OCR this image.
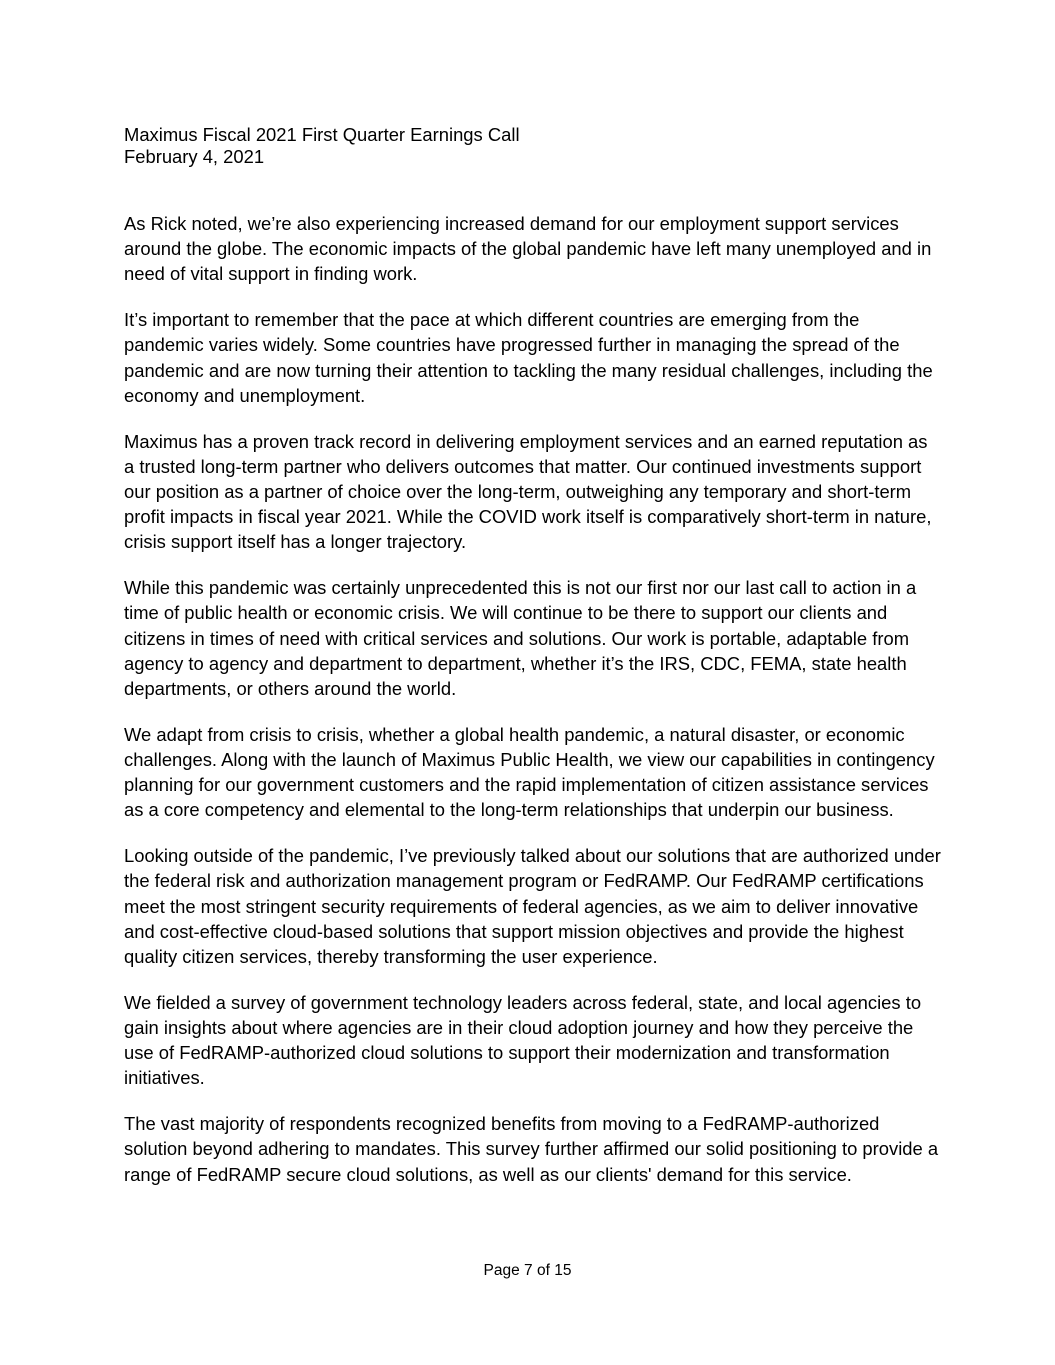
Maximus Fiscal 2021 First Quarter Earnings Call
February 4, 2021

As Rick noted, we’re also experiencing increased demand for our employment support services around the globe. The economic impacts of the global pandemic have left many unemployed and in need of vital support in finding work.

It’s important to remember that the pace at which different countries are emerging from the pandemic varies widely. Some countries have progressed further in managing the spread of the pandemic and are now turning their attention to tackling the many residual challenges, including the economy and unemployment.

Maximus has a proven track record in delivering employment services and an earned reputation as a trusted long-term partner who delivers outcomes that matter. Our continued investments support our position as a partner of choice over the long-term, outweighing any temporary and short-term profit impacts in fiscal year 2021. While the COVID work itself is comparatively short-term in nature, crisis support itself has a longer trajectory.

While this pandemic was certainly unprecedented this is not our first nor our last call to action in a time of public health or economic crisis. We will continue to be there to support our clients and citizens in times of need with critical services and solutions. Our work is portable, adaptable from agency to agency and department to department, whether it’s the IRS, CDC, FEMA, state health departments, or others around the world.

We adapt from crisis to crisis, whether a global health pandemic, a natural disaster, or economic challenges. Along with the launch of Maximus Public Health, we view our capabilities in contingency planning for our government customers and the rapid implementation of citizen assistance services as a core competency and elemental to the long-term relationships that underpin our business.

Looking outside of the pandemic, I’ve previously talked about our solutions that are authorized under the federal risk and authorization management program or FedRAMP. Our FedRAMP certifications meet the most stringent security requirements of federal agencies, as we aim to deliver innovative and cost-effective cloud-based solutions that support mission objectives and provide the highest quality citizen services, thereby transforming the user experience.

We fielded a survey of government technology leaders across federal, state, and local agencies to gain insights about where agencies are in their cloud adoption journey and how they perceive the use of FedRAMP-authorized cloud solutions to support their modernization and transformation initiatives.

The vast majority of respondents recognized benefits from moving to a FedRAMP-authorized solution beyond adhering to mandates. This survey further affirmed our solid positioning to provide a range of FedRAMP secure cloud solutions, as well as our clients' demand for this service.

Page 7 of 15
